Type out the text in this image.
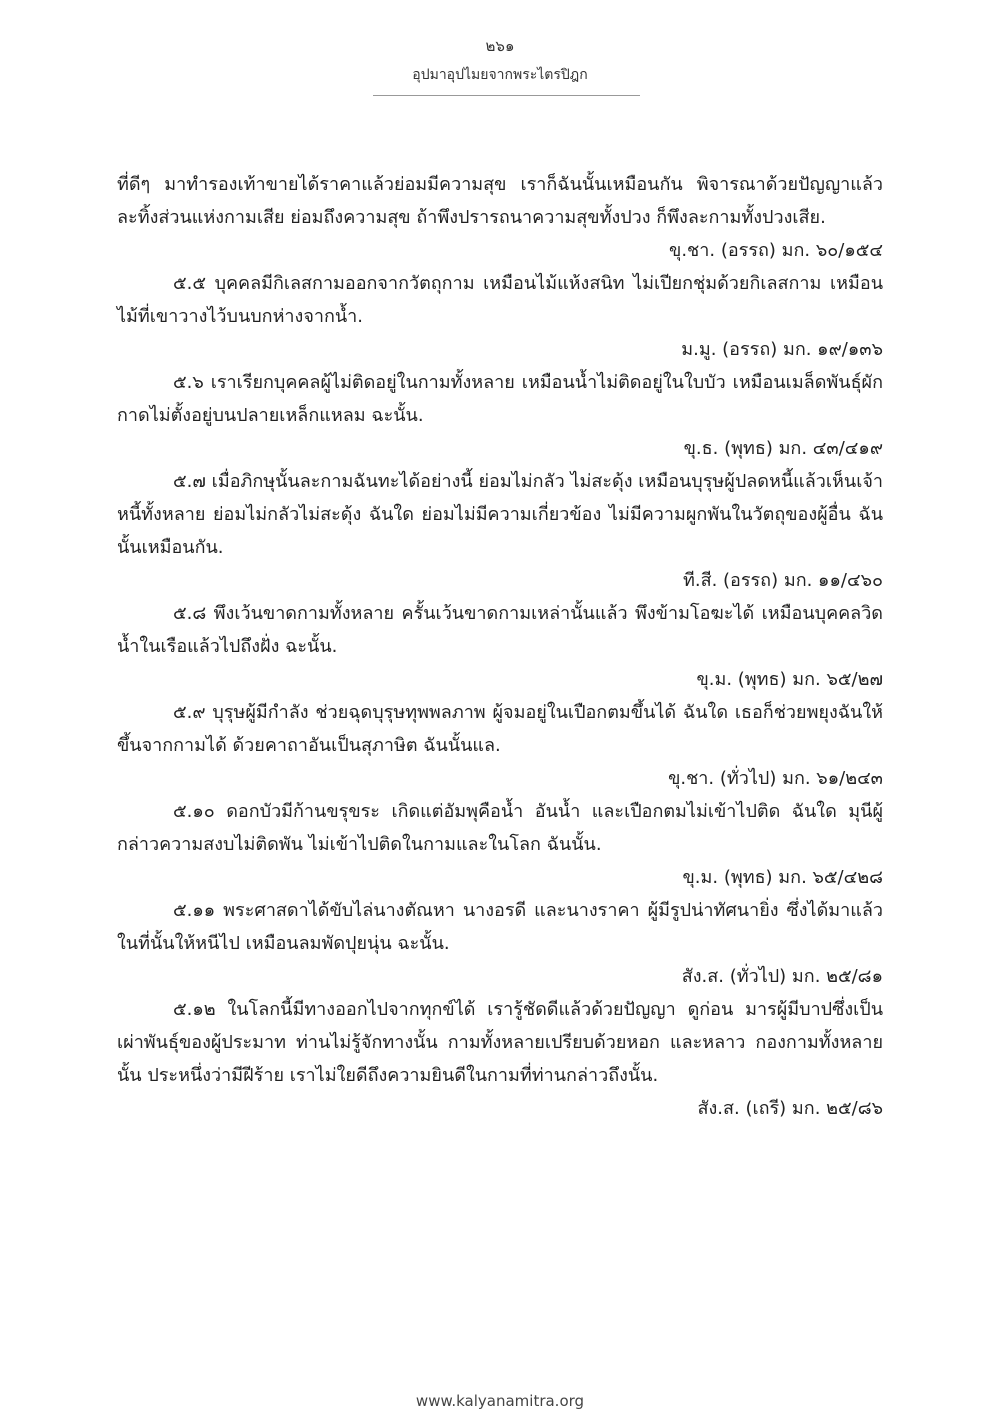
๒๖๑
อุปมาอุปไมยจากพระไตรปิฎก

ที่ดีๆ มาทำรองเท้าขายได้ราคาแล้วย่อมมีความสุข เราก็ฉันนั้นเหมือนกัน พิจารณาด้วยปัญญาแล้ว ละทิ้งส่วนแห่งกามเสีย ย่อมถึงความสุข ถ้าพึงปรารถนาความสุขทั้งปวง ก็พึงละกามทั้งปวงเสีย.

ขุ.ชา. (อรรถ) มก. ๖๐/๑๕๔

๕.๕ บุคคลมีกิเลสกามออกจากวัตถุกาม เหมือนไม้แห้งสนิท ไม่เปียกชุ่มด้วยกิเลสกาม เหมือนไม้ที่เขาวางไว้บนบกห่างจากน้ำ.

ม.มู. (อรรถ) มก. ๑๙/๑๓๖

๕.๖ เราเรียกบุคคลผู้ไม่ติดอยู่ในกามทั้งหลาย เหมือนน้ำไม่ติดอยู่ในใบบัว เหมือนเมล็ดพันธุ์ผักกาดไม่ตั้งอยู่บนปลายเหล็กแหลม ฉะนั้น.

ขุ.ธ. (พุทธ) มก. ๔๓/๔๑๙

๕.๗ เมื่อภิกษุนั้นละกามฉันทะได้อย่างนี้ ย่อมไม่กลัว ไม่สะดุ้ง เหมือนบุรุษผู้ปลดหนี้แล้วเห็นเจ้าหนี้ทั้งหลาย ย่อมไม่กลัวไม่สะดุ้ง ฉันใด ย่อมไม่มีความเกี่ยวข้อง ไม่มีความผูกพันในวัตถุของผู้อื่น ฉันนั้นเหมือนกัน.

ที.สี. (อรรถ) มก. ๑๑/๔๖๐

๕.๘ พึงเว้นขาดกามทั้งหลาย ครั้นเว้นขาดกามเหล่านั้นแล้ว พึงข้ามโอฆะได้ เหมือนบุคคลวิดน้ำในเรือแล้วไปถึงฝั่ง ฉะนั้น.

ขุ.ม. (พุทธ) มก. ๖๕/๒๗

๕.๙ บุรุษผู้มีกำลัง ช่วยฉุดบุรุษทุพพลภาพ ผู้จมอยู่ในเปือกตมขึ้นได้ ฉันใด เธอก็ช่วยพยุงฉันให้ขึ้นจากกามได้ ด้วยคาถาอันเป็นสุภาษิต ฉันนั้นแล.

ขุ.ชา. (ทั่วไป) มก. ๖๑/๒๔๓

๕.๑๐ ดอกบัวมีก้านขรุขระ เกิดแต่อัมพุคือน้ำ อันน้ำ และเปือกตมไม่เข้าไปติด ฉันใด มุนีผู้กล่าวความสงบไม่ติดพัน ไม่เข้าไปติดในกามและในโลก ฉันนั้น.

ขุ.ม. (พุทธ) มก. ๖๕/๔๒๘

๕.๑๑ พระศาสดาได้ขับไล่นางตัณหา นางอรดี และนางราคา ผู้มีรูปน่าทัศนายิ่ง ซึ่งได้มาแล้วในที่นั้นให้หนีไป เหมือนลมพัดปุยนุ่น ฉะนั้น.

สัง.ส. (ทั่วไป) มก. ๒๕/๘๑

๕.๑๒ ในโลกนี้มีทางออกไปจากทุกข์ได้ เรารู้ชัดดีแล้วด้วยปัญญา ดูก่อน มารผู้มีบาปซึ่งเป็นเผ่าพันธุ์ของผู้ประมาท ท่านไม่รู้จักทางนั้น กามทั้งหลายเปรียบด้วยหอก และหลาว กองกามทั้งหลายนั้น ประหนึ่งว่ามีฝีร้าย เราไม่ใยดีถึงความยินดีในกามที่ท่านกล่าวถึงนั้น.

สัง.ส. (เถรี) มก. ๒๕/๘๖

www.kalyanamitra.org
